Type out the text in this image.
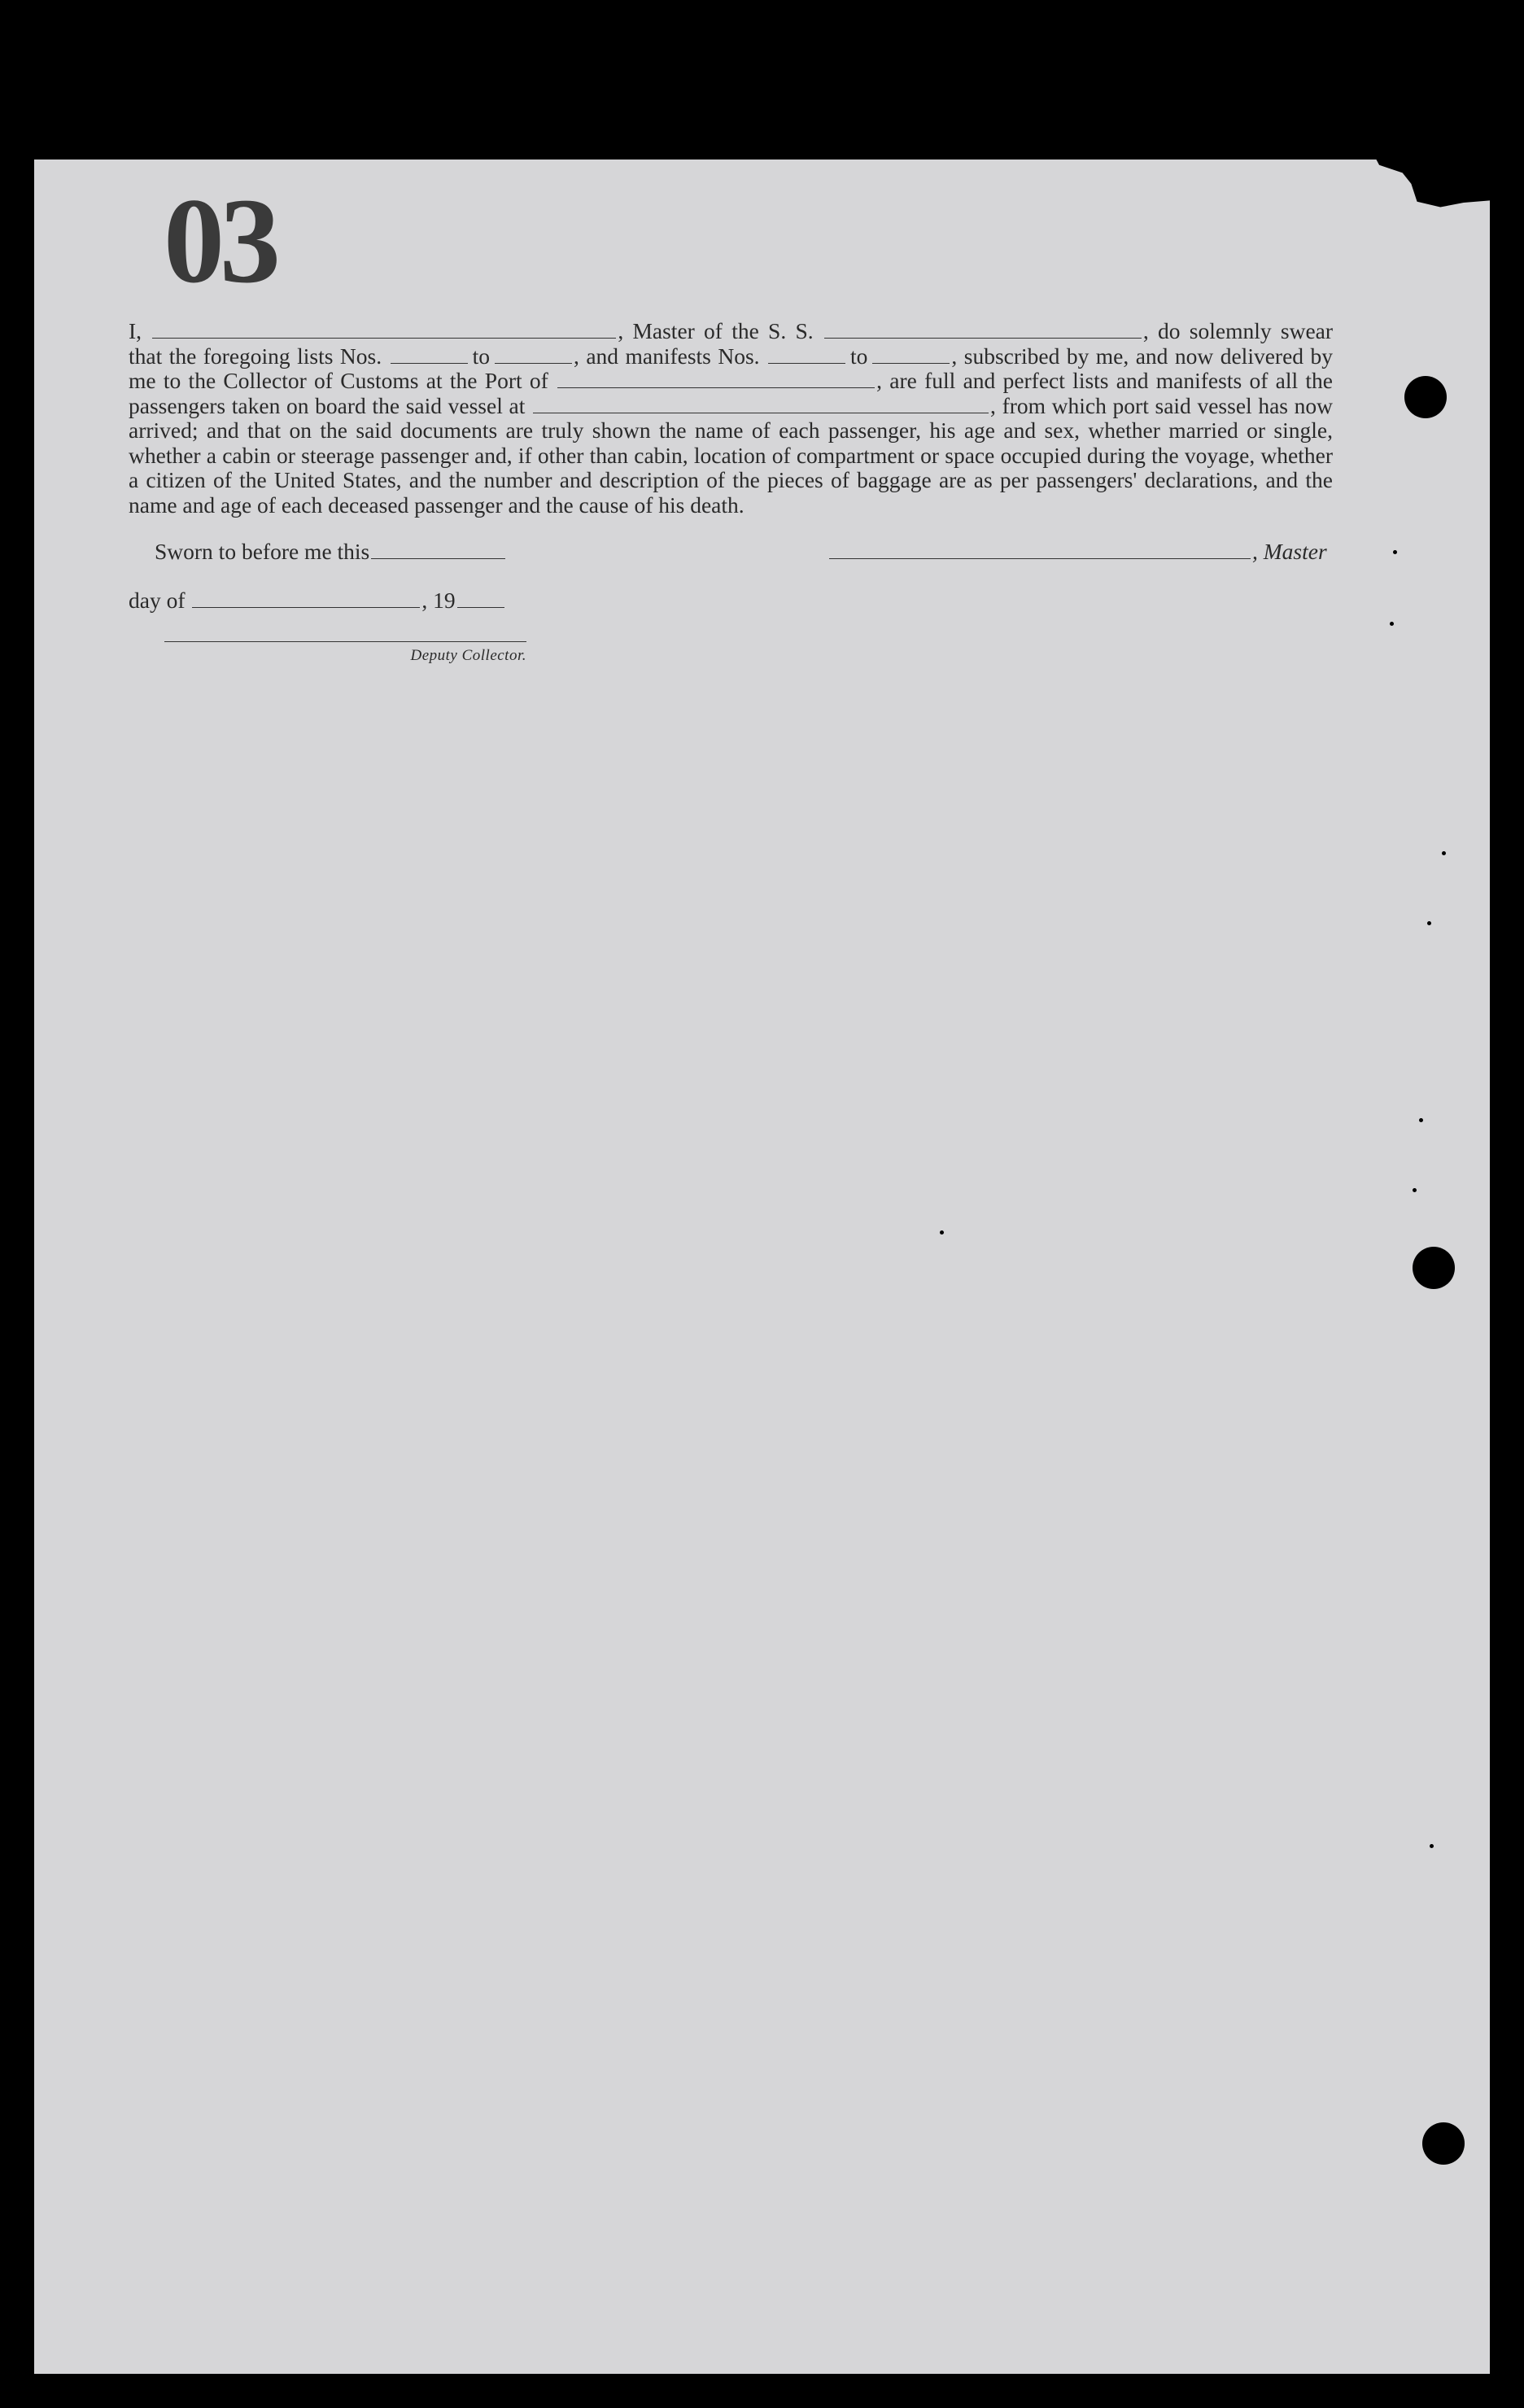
03

I,	, Master of the S. S.	, do solemnly swear that the foregoing lists Nos.	to	, and manifests Nos.	to	, subscribed by me, and now delivered by me to the Collector of Customs at the Port of	, are full and perfect lists and manifests of all the passengers taken on board the said vessel at	, from which port said vessel has now arrived; and that on the said documents are truly shown the name of each passenger, his age and sex, whether married or single, whether a cabin or steerage passenger and, if other than cabin, location of compartment or space occupied during the voyage, whether a citizen of the United States, and the number and description of the pieces of baggage are as per passengers' declarations, and the name and age of each deceased passenger and the cause of his death.

Sworn to before me this	, Master
day of	, 19
Deputy Collector.
